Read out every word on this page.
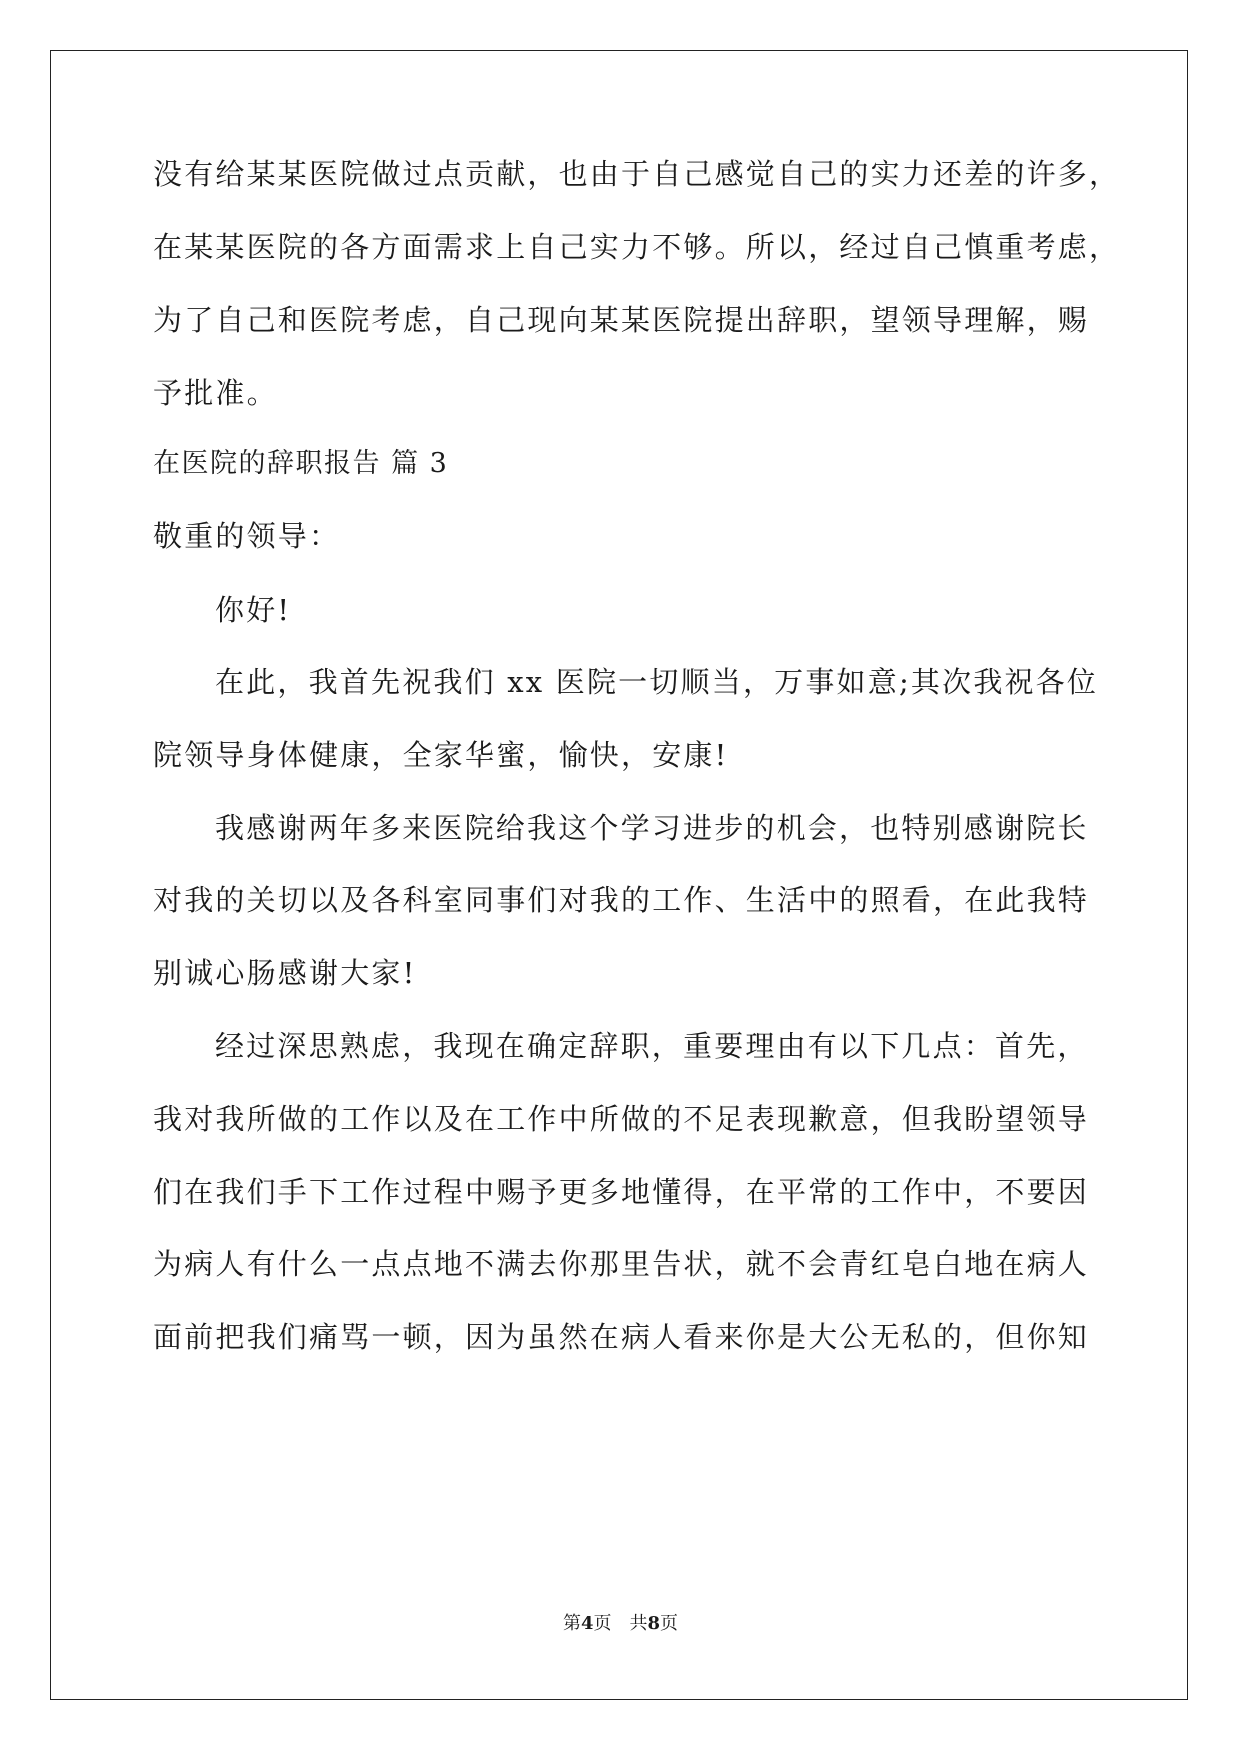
没有给某某医院做过点贡献，也由于自己感觉自己的实力还差的许多，
在某某医院的各方面需求上自己实力不够。所以，经过自己慎重考虑，
为了自己和医院考虑，自己现向某某医院提出辞职，望领导理解，赐
予批准。
在医院的辞职报告 篇 3
敬重的领导：
你好!
在此，我首先祝我们 xx 医院一切顺当，万事如意;其次我祝各位
院领导身体健康，全家华蜜，愉快，安康!
我感谢两年多来医院给我这个学习进步的机会，也特别感谢院长
对我的关切以及各科室同事们对我的工作、生活中的照看，在此我特
别诚心肠感谢大家!
经过深思熟虑，我现在确定辞职，重要理由有以下几点：首先，
我对我所做的工作以及在工作中所做的不足表现歉意，但我盼望领导
们在我们手下工作过程中赐予更多地懂得，在平常的工作中，不要因
为病人有什么一点点地不满去你那里告状，就不会青红皂白地在病人
面前把我们痛骂一顿，因为虽然在病人看来你是大公无私的，但你知
第4页 共8页
